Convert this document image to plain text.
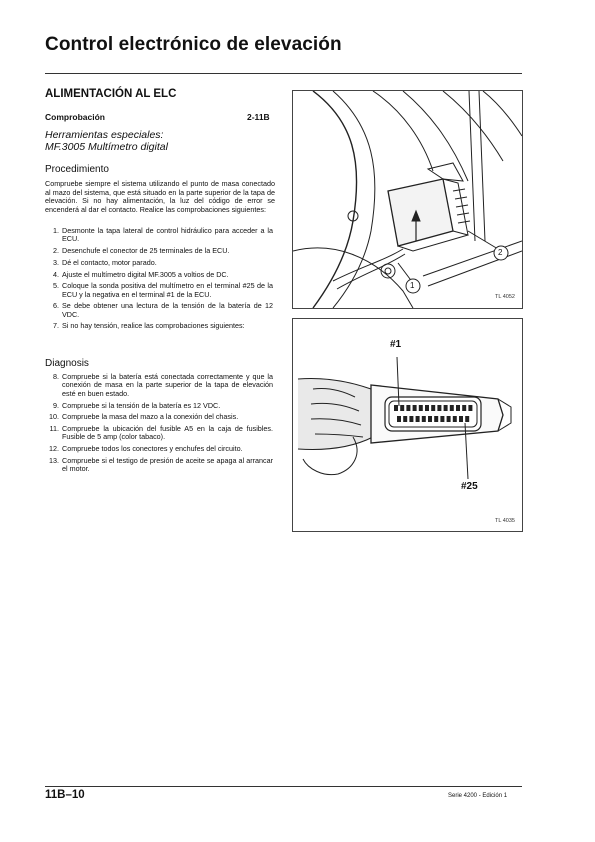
Control electrónico de elevación
ALIMENTACIÓN AL ELC
Comprobación	2-11B
Herramientas especiales:
MF.3005 Multímetro digital
Procedimiento
Compruebe siempre el sistema utilizando el punto de masa conectado al mazo del sistema, que está situado en la parte superior de la tapa de elevación. Si no hay alimentación, la luz del código de error se encenderá al dar el contacto. Realice las comprobaciones siguientes:
1. Desmonte la tapa lateral de control hidráulico para acceder a la ECU.
2. Desenchufe el conector de 25 terminales de la ECU.
3. Dé el contacto, motor parado.
4. Ajuste el multímetro digital MF.3005 a voltios de DC.
5. Coloque la sonda positiva del multímetro en el terminal #25 de la ECU y la negativa en el terminal #1 de la ECU.
6. Se debe obtener una lectura de la tensión de la batería de 12 VDC.
7. Si no hay tensión, realice las comprobaciones siguientes:
Diagnosis
8. Compruebe si la batería está conectada correctamente y que la conexión de masa en la parte superior de la tapa de elevación esté en buen estado.
9. Compruebe si la tensión de la batería es 12 VDC.
10. Compruebe la masa del mazo a la conexión del chasis.
11. Compruebe la ubicación del fusible A5 en la caja de fusibles. Fusible de 5 amp (color tabaco).
12. Compruebe todos los conectores y enchufes del circuito.
13. Compruebe si el testigo de presión de aceite se apaga al arrancar el motor.
1
2
TL 4052
#1
#25
TL 4035
11B–10	Serie 4200 - Edición 1
